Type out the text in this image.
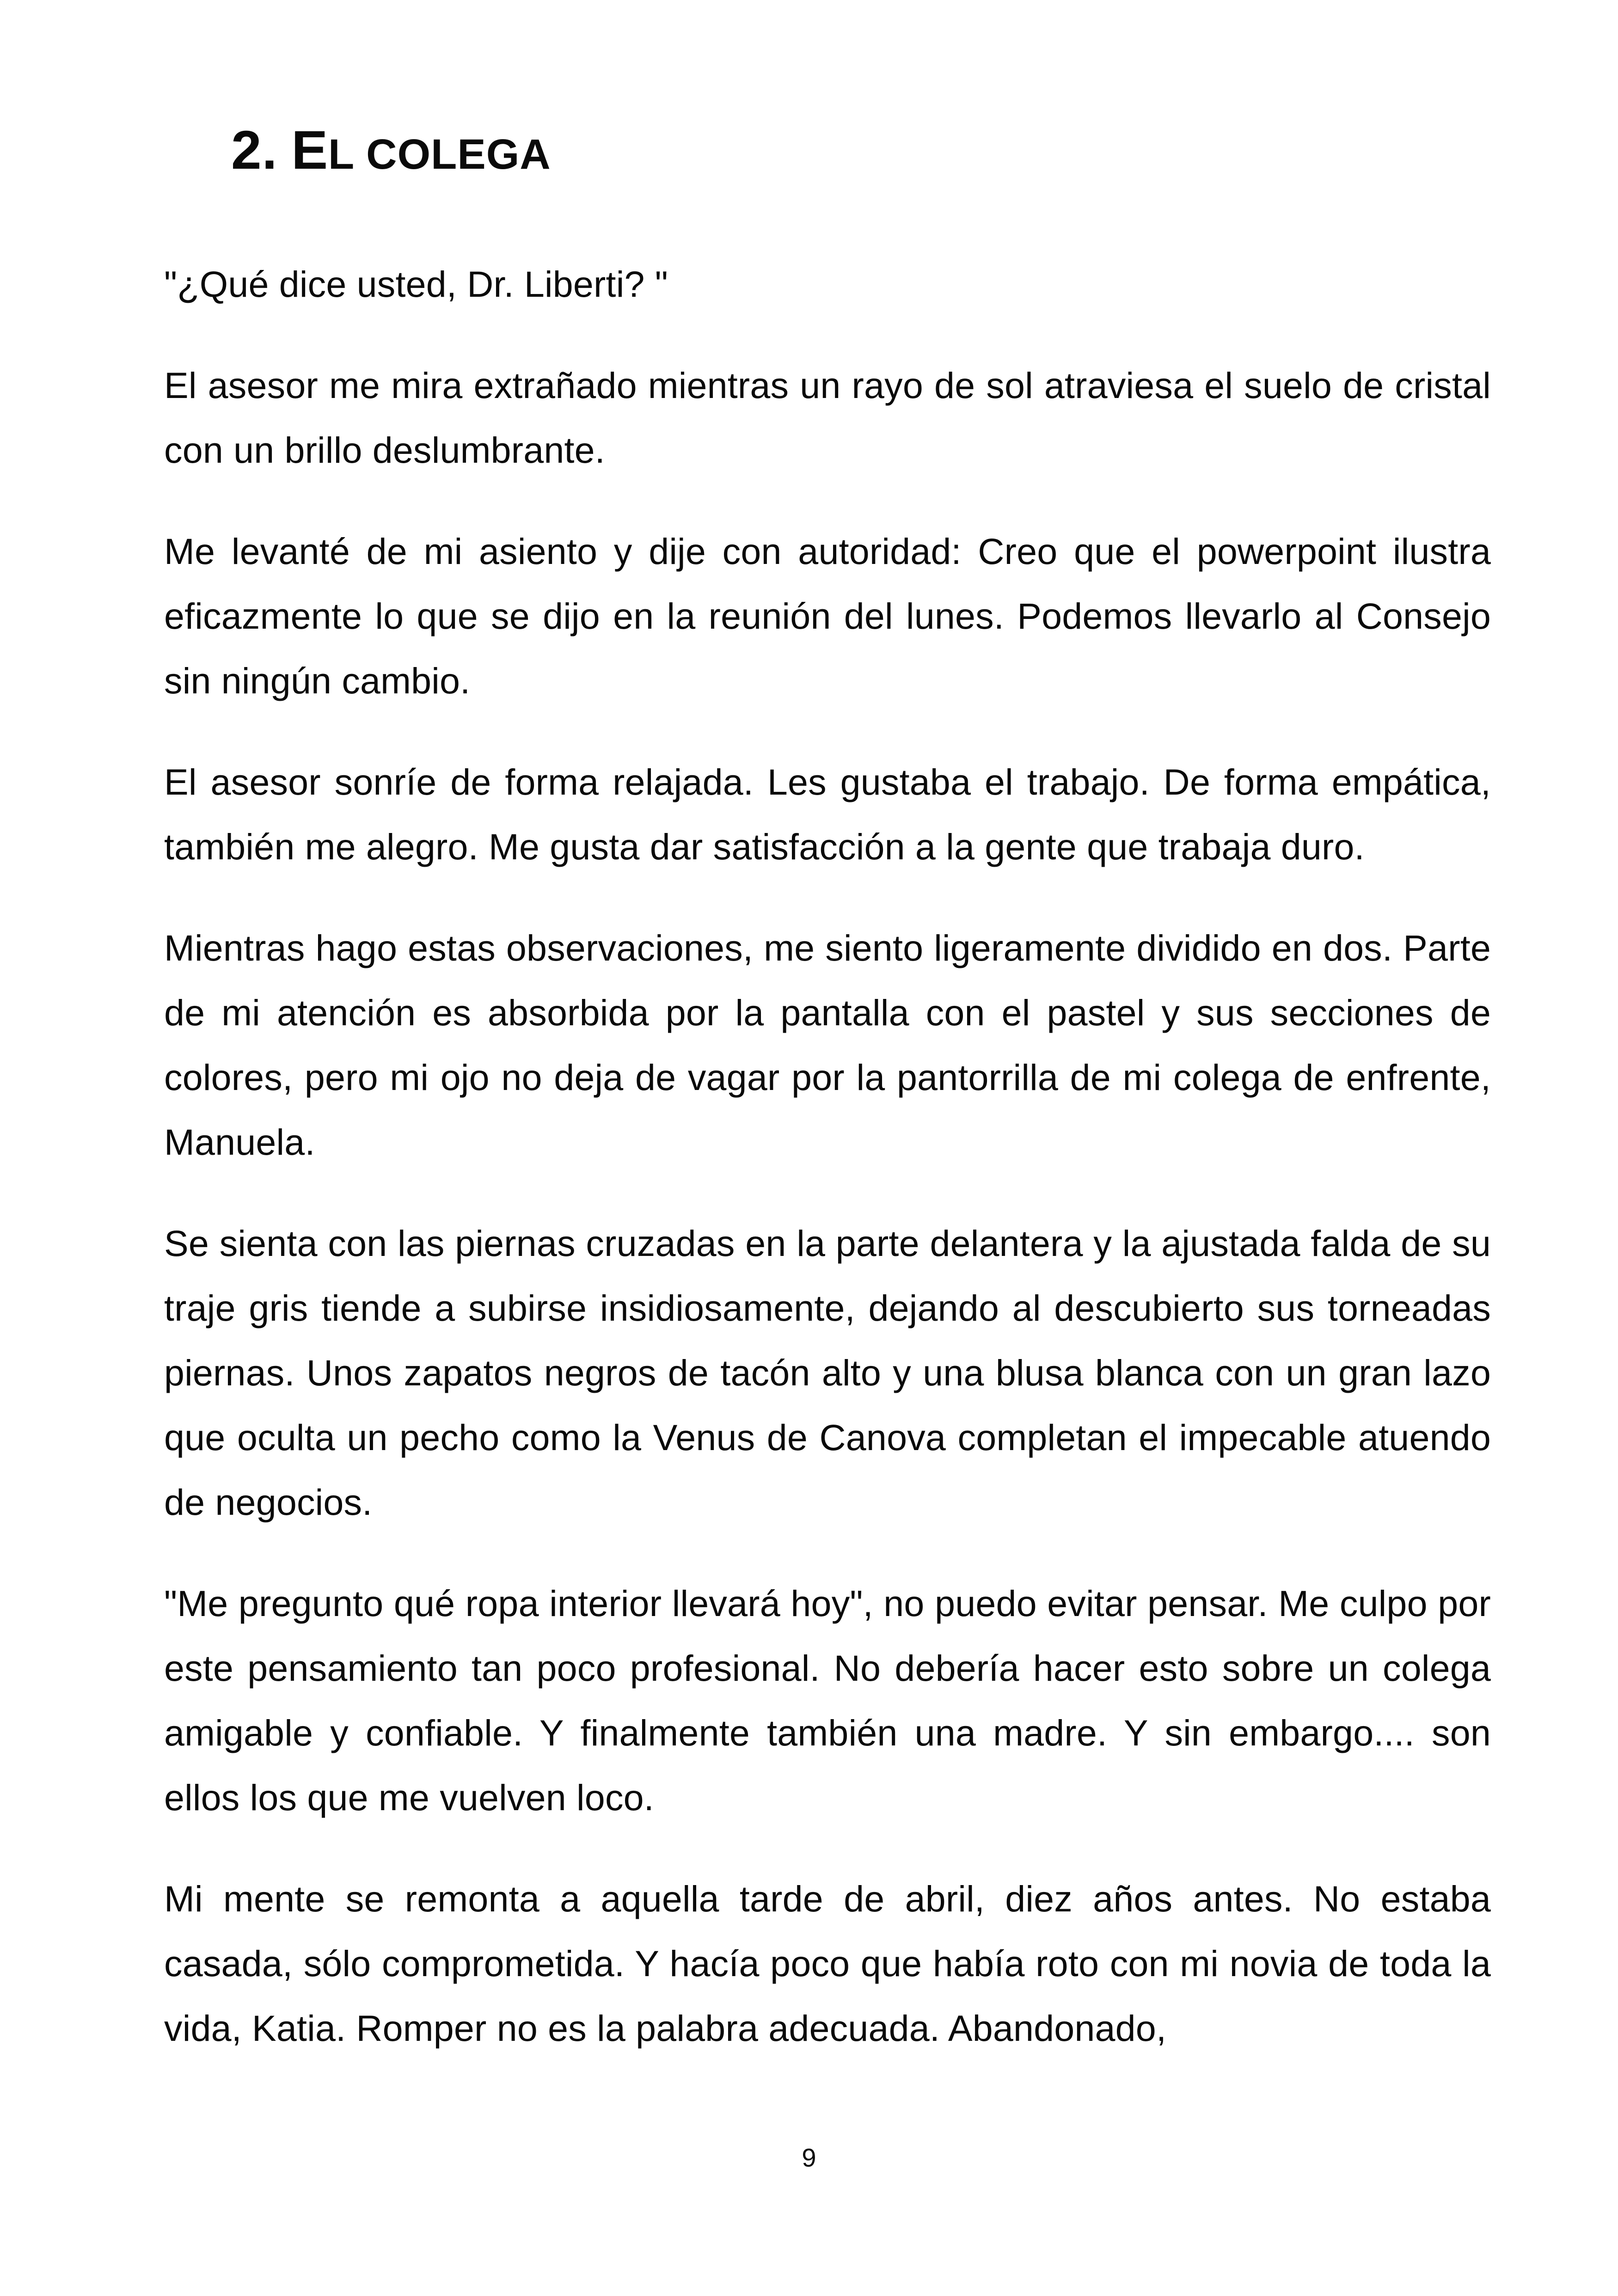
2. EL COLEGA

"¿Qué dice usted, Dr. Liberti? "

El asesor me mira extrañado mientras un rayo de sol atraviesa el suelo de cristal con un brillo deslumbrante.

Me levanté de mi asiento y dije con autoridad: Creo que el powerpoint ilustra eficazmente lo que se dijo en la reunión del lunes. Podemos llevarlo al Consejo sin ningún cambio.

El asesor sonríe de forma relajada. Les gustaba el trabajo. De forma empática, también me alegro. Me gusta dar satisfacción a la gente que trabaja duro.

Mientras hago estas observaciones, me siento ligeramente dividido en dos. Parte de mi atención es absorbida por la pantalla con el pastel y sus secciones de colores, pero mi ojo no deja de vagar por la pantorrilla de mi colega de enfrente, Manuela.

Se sienta con las piernas cruzadas en la parte delantera y la ajustada falda de su traje gris tiende a subirse insidiosamente, dejando al descubierto sus torneadas piernas. Unos zapatos negros de tacón alto y una blusa blanca con un gran lazo que oculta un pecho como la Venus de Canova completan el impecable atuendo de negocios.

"Me pregunto qué ropa interior llevará hoy", no puedo evitar pensar. Me culpo por este pensamiento tan poco profesional. No debería hacer esto sobre un colega amigable y confiable. Y finalmente también una madre. Y sin embargo.... son ellos los que me vuelven loco.

Mi mente se remonta a aquella tarde de abril, diez años antes. No estaba casada, sólo comprometida. Y hacía poco que había roto con mi novia de toda la vida, Katia. Romper no es la palabra adecuada. Abandonado,

9
